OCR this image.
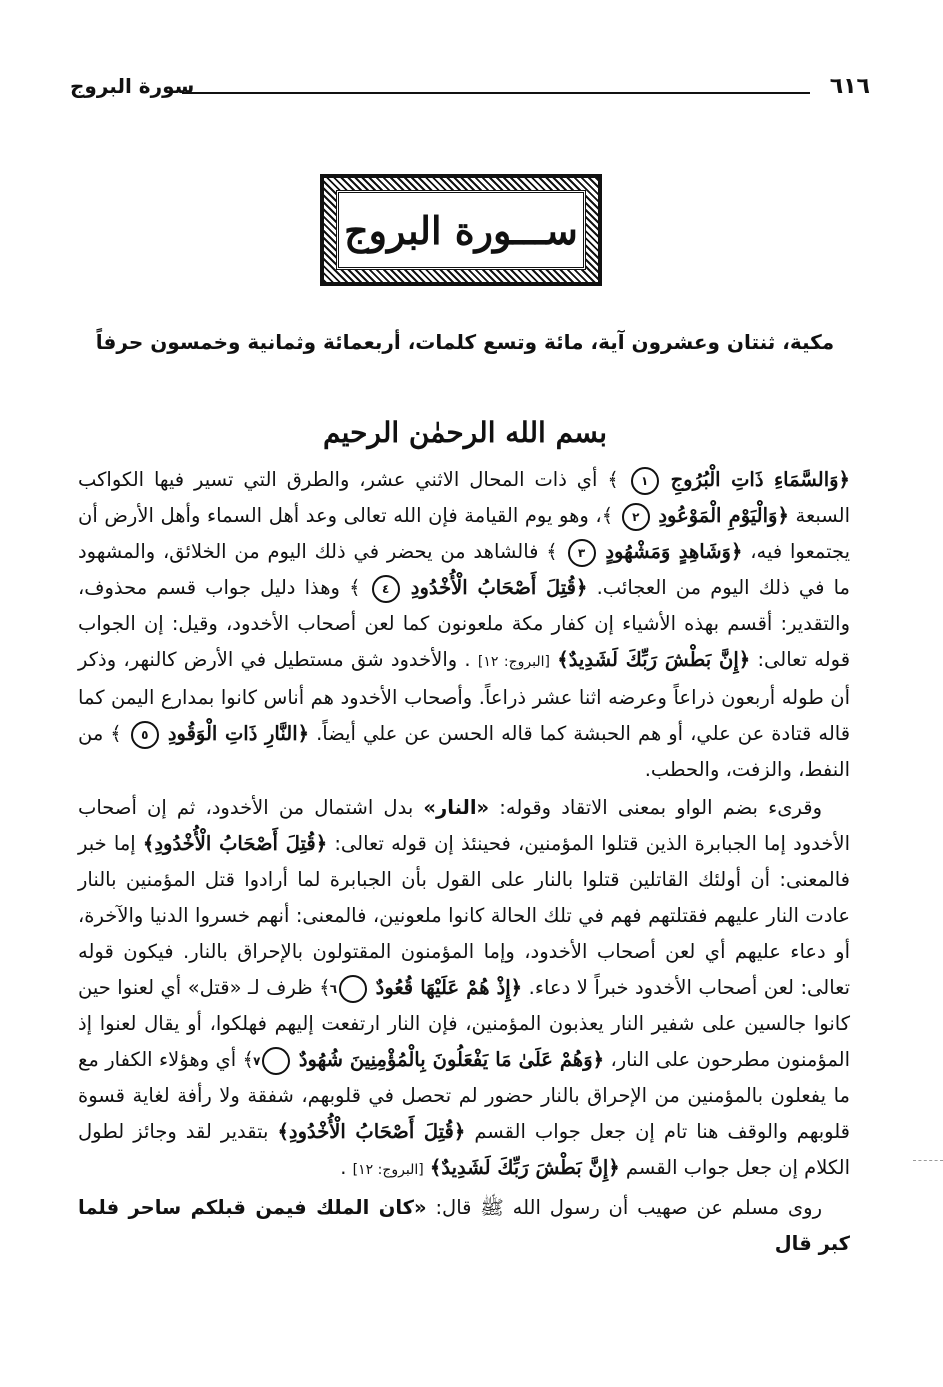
٦١٦
سورة البروج
ســـورة البروج
مكية، ثنتان وعشرون آية، مائة وتسع كلمات، أربعمائة وثمانية وخمسون حرفاً
بسم الله الرحمٰن الرحيم

﴿وَالسَّمَاءِ ذَاتِ الْبُرُوجِ ١ ﴾ أي ذات المحال الاثني عشر، والطرق التي تسير فيها الكواكب السبعة ﴿وَالْيَوْمِ الْمَوْعُودِ ٢ ﴾، وهو يوم القيامة فإن الله تعالى وعد أهل السماء وأهل الأرض أن يجتمعوا فيه، ﴿وَشَاهِدٍ وَمَشْهُودٍ ٣ ﴾ فالشاهد من يحضر في ذلك اليوم من الخلائق، والمشهود ما في ذلك اليوم من العجائب. ﴿قُتِلَ أَصْحَابُ الْأُخْدُودِ ٤ ﴾ وهذا دليل جواب قسم محذوف، والتقدير: أقسم بهذه الأشياء إن كفار مكة ملعونون كما لعن أصحاب الأخدود، وقيل: إن الجواب قوله تعالى: ﴿إِنَّ بَطْشَ رَبِّكَ لَشَدِيدٌ﴾ [البروج: ١٢] . والأخدود شق مستطيل في الأرض كالنهر، وذكر أن طوله أربعون ذراعاً وعرضه اثنا عشر ذراعاً. وأصحاب الأخدود هم أناس كانوا بمدارع اليمن كما قاله قتادة عن علي، أو هم الحبشة كما قاله الحسن عن علي أيضاً. ﴿النَّارِ ذَاتِ الْوَقُودِ ٥ ﴾ من النفط، والزفت، والحطب.

وقرىء بضم الواو بمعنى الاتقاد وقوله: «النار» بدل اشتمال من الأخدود، ثم إن أصحاب الأخدود إما الجبابرة الذين قتلوا المؤمنين، فحينئذ إن قوله تعالى: ﴿قُتِلَ أَصْحَابُ الْأُخْدُودِ﴾ إما خبر فالمعنى: أن أولئك القاتلين قتلوا بالنار على القول بأن الجبابرة لما أرادوا قتل المؤمنين بالنار عادت النار عليهم فقتلتهم فهم في تلك الحالة كانوا ملعونين، فالمعنى: أنهم خسروا الدنيا والآخرة، أو دعاء عليهم أي لعن أصحاب الأخدود، وإما المؤمنون المقتولون بالإحراق بالنار. فيكون قوله تعالى: لعن أصحاب الأخدود خبراً لا دعاء. ﴿إِذْ هُمْ عَلَيْهَا قُعُودٌ ٦ ﴾ ظرف لـ «قتل» أي لعنوا حين كانوا جالسين على شفير النار يعذبون المؤمنين، فإن النار ارتفعت إليهم فهلكوا، أو يقال لعنوا إذ المؤمنون مطرحون على النار، ﴿وَهُمْ عَلَىٰ مَا يَفْعَلُونَ بِالْمُؤْمِنِينَ شُهُودٌ ٧ ﴾ أي وهؤلاء الكفار مع ما يفعلون بالمؤمنين من الإحراق بالنار حضور لم تحصل في قلوبهم، شفقة ولا رأفة لغاية قسوة قلوبهم والوقف هنا تام إن جعل جواب القسم ﴿قُتِلَ أَصْحَابُ الْأُخْدُودِ﴾ بتقدير لقد وجائز لطول الكلام إن جعل جواب القسم ﴿إِنَّ بَطْشَ رَبِّكَ لَشَدِيدٌ﴾ [البروج: ١٢] .

روى مسلم عن صهيب أن رسول الله ﷺ قال: «كان الملك فيمن قبلكم ساحر فلما كبر قال
